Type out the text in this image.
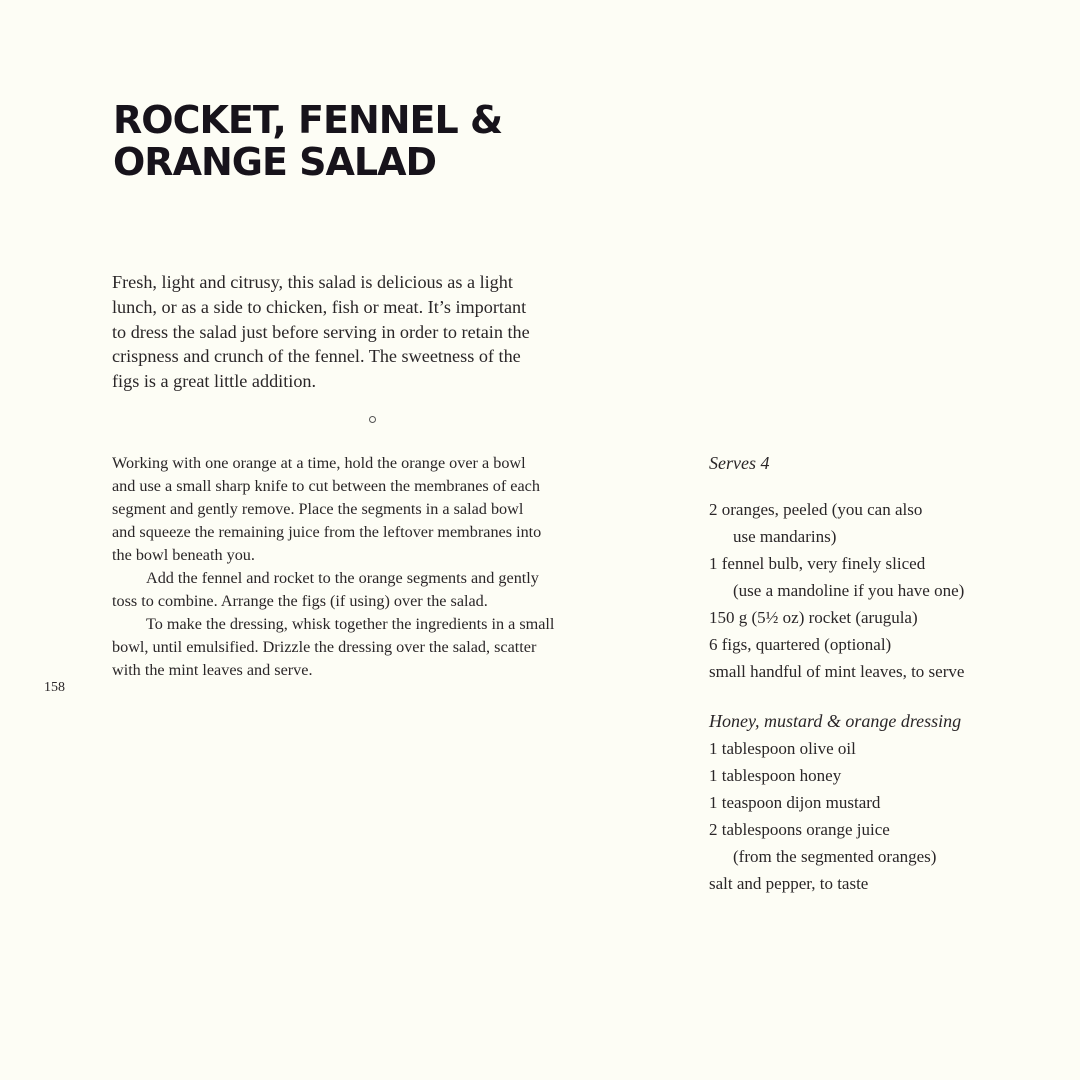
ROCKET, FENNEL &
ORANGE SALAD

Fresh, light and citrusy, this salad is delicious as a light
lunch, or as a side to chicken, fish or meat. It’s important
to dress the salad just before serving in order to retain the
crispness and crunch of the fennel. The sweetness of the
figs is a great little addition.

Working with one orange at a time, hold the orange over a bowl
and use a small sharp knife to cut between the membranes of each
segment and gently remove. Place the segments in a salad bowl
and squeeze the remaining juice from the leftover membranes into
the bowl beneath you.
Add the fennel and rocket to the orange segments and gently
toss to combine. Arrange the figs (if using) over the salad.
To make the dressing, whisk together the ingredients in a small
bowl, until emulsified. Drizzle the dressing over the salad, scatter
with the mint leaves and serve.
158
Serves 4
2 oranges, peeled (you can also
use mandarins)
1 fennel bulb, very finely sliced
(use a mandoline if you have one)
150 g (5½ oz) rocket (arugula)
6 figs, quartered (optional)
small handful of mint leaves, to serve
Honey, mustard & orange dressing
1 tablespoon olive oil
1 tablespoon honey
1 teaspoon dijon mustard
2 tablespoons orange juice
(from the segmented oranges)
salt and pepper, to taste
